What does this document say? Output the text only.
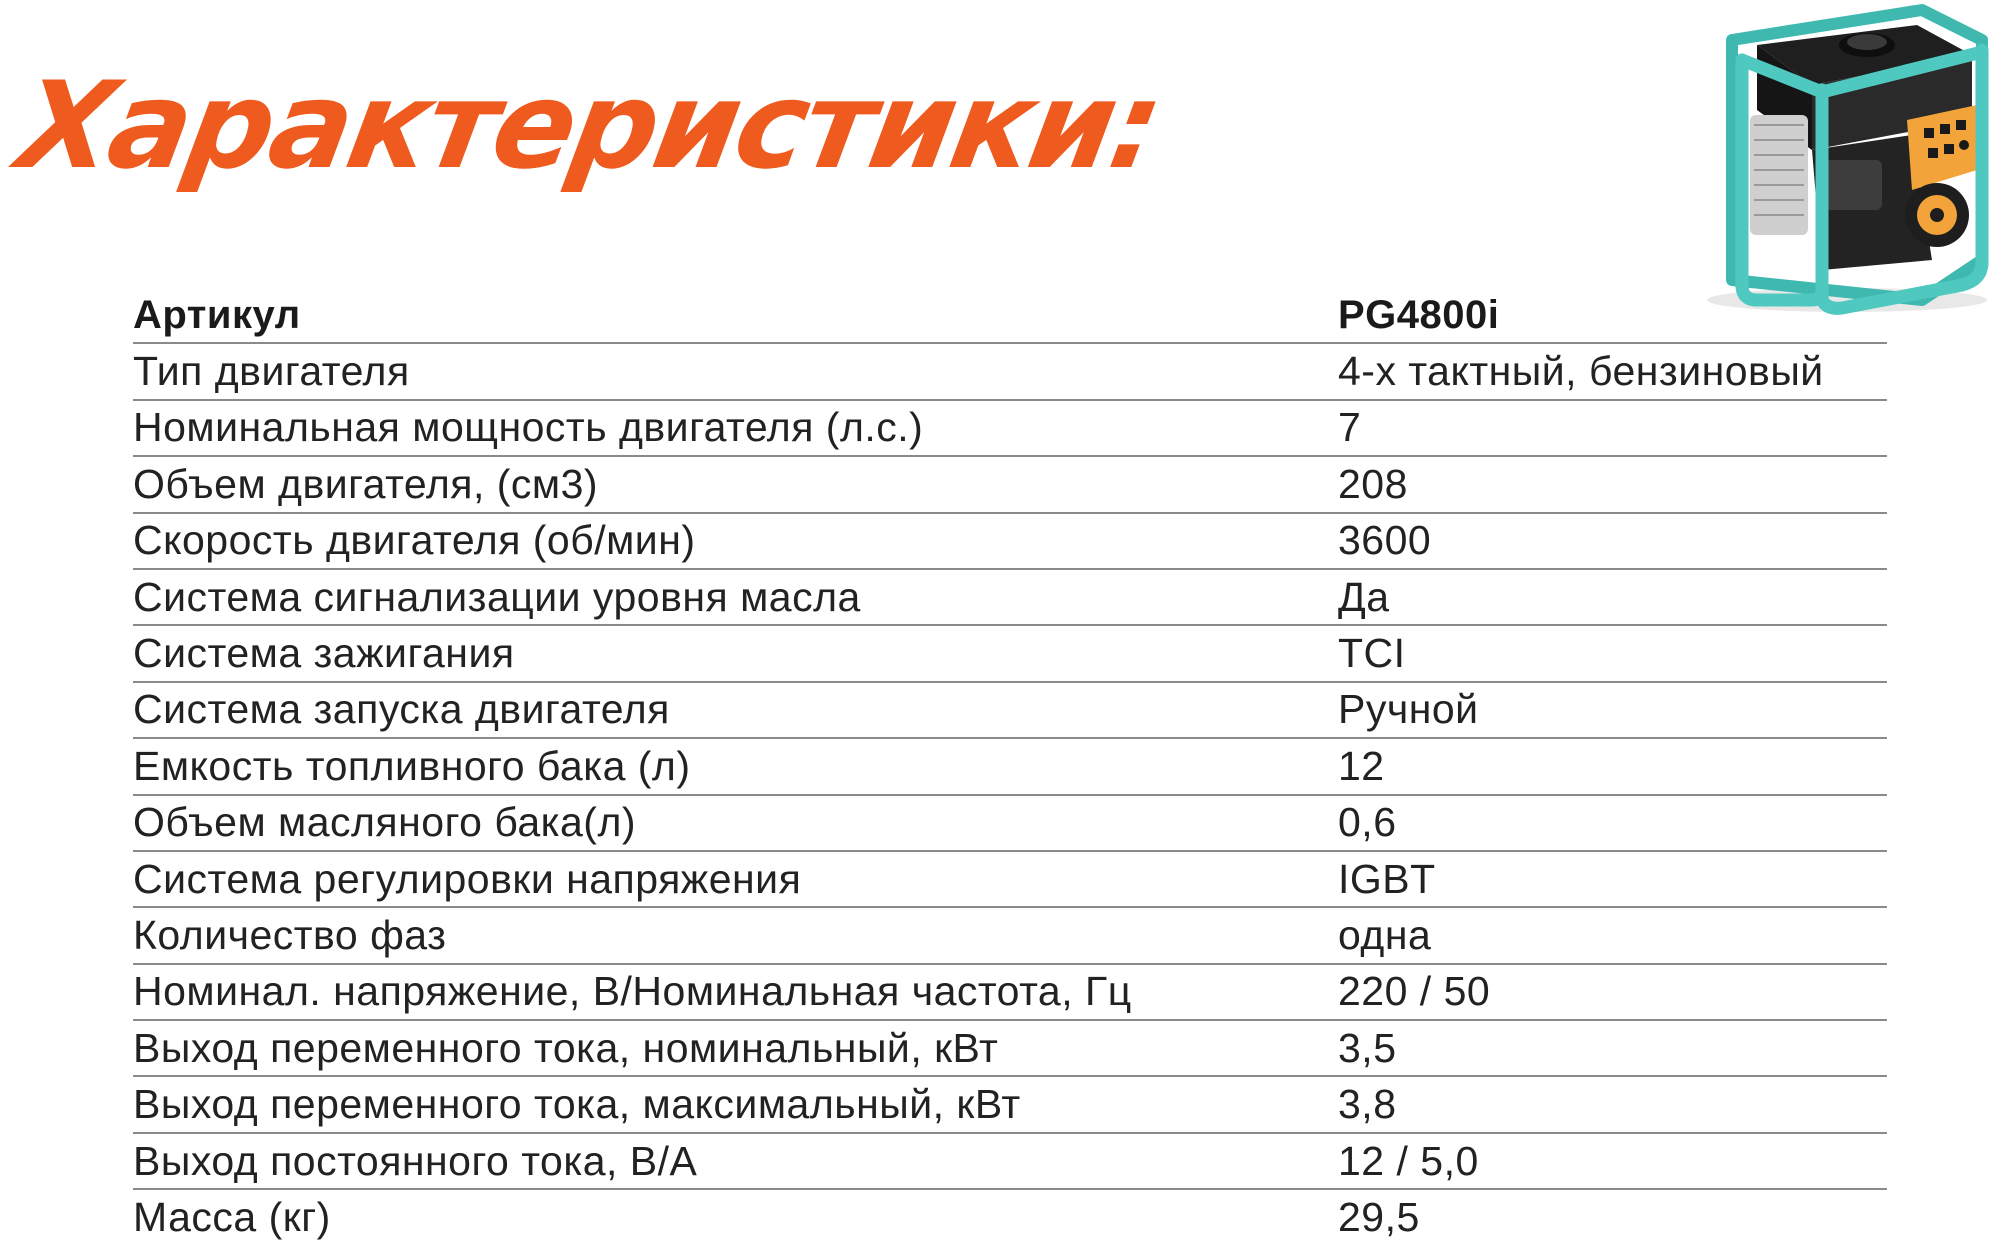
Характеристики:
Артикул	PG4800i
Тип двигателя	4-х тактный, бензиновый
Номинальная мощность двигателя (л.с.)	7
Объем двигателя, (см3)	208
Скорость двигателя (об/мин)	3600
Система сигнализации уровня масла	Да
Система зажигания	TCI
Система запуска двигателя	Ручной
Емкость топливного бака (л)	12
Объем масляного бака(л)	0,6
Система регулировки напряжения	IGBT
Количество фаз	одна
Номинал. напряжение, В/Номинальная частота, Гц	220 / 50
Выход переменного тока, номинальный, кВт	3,5
Выход переменного тока, максимальный, кВт	3,8
Выход постоянного тока, В/А	12 / 5,0
Масса (кг)	29,5
